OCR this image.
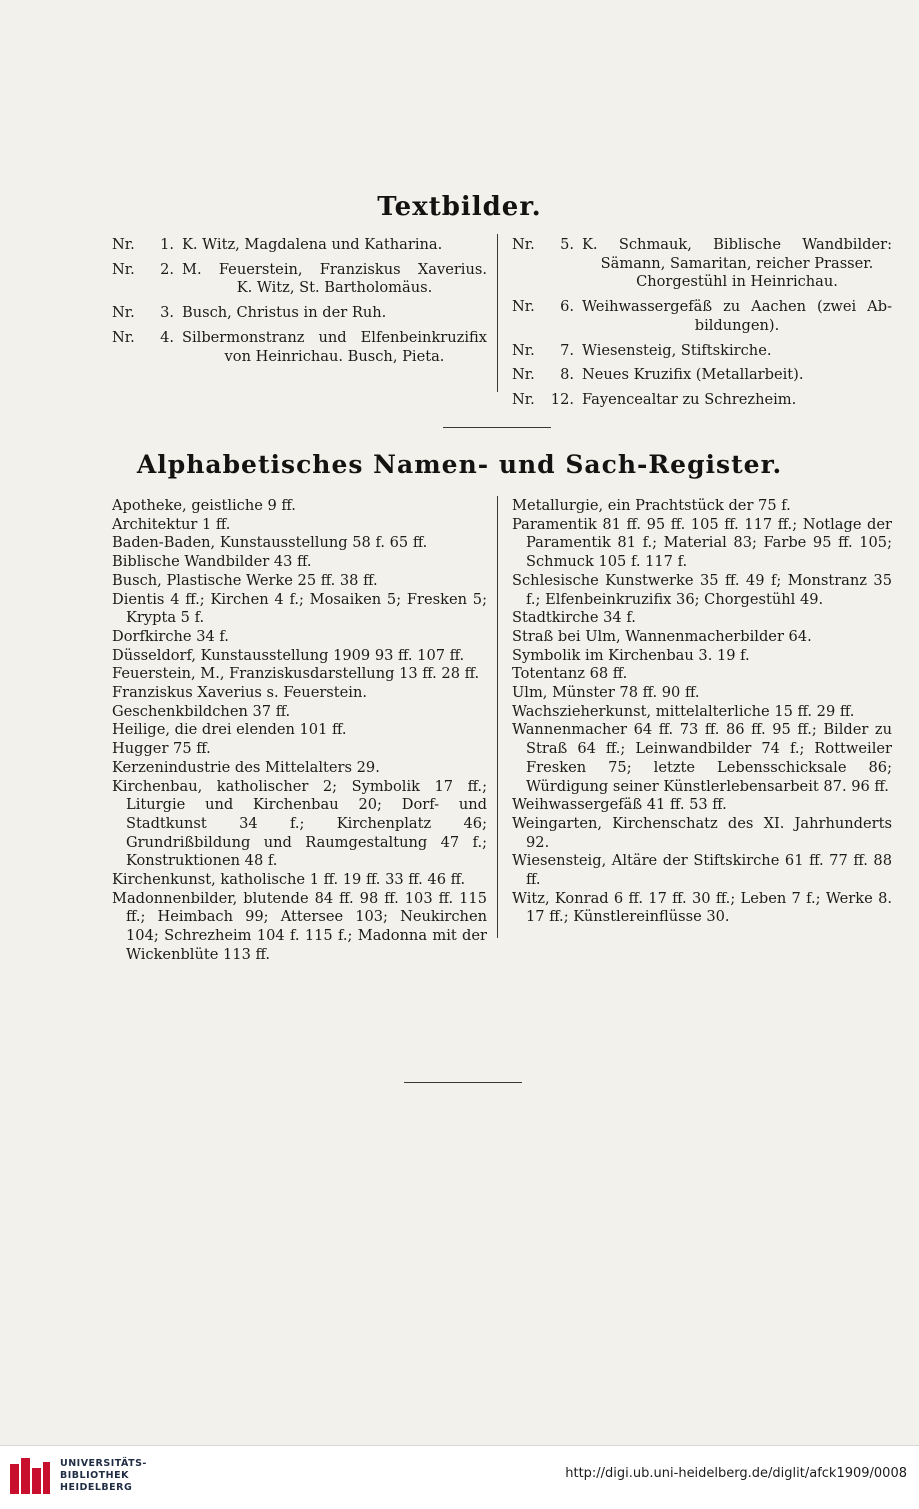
Textbilder.
Nr.	1. K. Witz, Magdalena und Katharina.
Nr.	2. M. Feuerstein, Franziskus Xaverius.
K. Witz, St. Bartholomäus.
Nr.	3. Busch, Christus in der Ruh.
Nr.	4. Silbermonstranz und Elfenbeinkruzifix
von Heinrichau. Busch, Pieta.
Nr.	5. K. Schmauk, Biblische Wandbilder:
Sämann, Samaritan, reicher Prasser. Chorgestühl in Heinrichau.
Nr.	6. Weihwassergefäß zu Aachen (zwei Ab-
bildungen).
Nr.	7. Wiesensteig, Stiftskirche.
Nr.	8. Neues Kruzifix (Metallarbeit).
Nr.	12. Fayencealtar zu Schrezheim.
Alphabetisches Namen- und Sach-Register.
Apotheke, geistliche 9 ff.
Architektur 1 ff.
Baden-Baden, Kunstausstellung 58 f. 65 ff.
Biblische Wandbilder 43 ff.
Busch, Plastische Werke 25 ff. 38 ff.
Dientis 4 ff.; Kirchen 4 f.; Mosaiken 5; Fresken 5; Krypta 5 f.
Dorfkirche 34 f.
Düsseldorf, Kunstausstellung 1909 93 ff. 107 ff.
Feuerstein, M., Franziskusdarstellung 13 ff. 28 ff.
Franziskus Xaverius s. Feuerstein.
Geschenkbildchen 37 ff.
Heilige, die drei elenden 101 ff.
Hugger 75 ff.
Kerzenindustrie des Mittelalters 29.
Kirchenbau, katholischer 2; Symbolik 17 ff.; Liturgie und Kirchenbau 20; Dorf- und Stadtkunst 34 f.; Kirchenplatz 46; Grundrißbildung und Raumgestaltung 47 f.; Konstruktionen 48 f.
Kirchenkunst, katholische 1 ff. 19 ff. 33 ff. 46 ff.
Madonnenbilder, blutende 84 ff. 98 ff. 103 ff. 115 ff.; Heimbach 99; Attersee 103; Neukirchen 104; Schrezheim 104 f. 115 f.; Madonna mit der Wickenblüte 113 ff.
Metallurgie, ein Prachtstück der 75 f.
Paramentik 81 ff. 95 ff. 105 ff. 117 ff.; Notlage der Paramentik 81 f.; Material 83; Farbe 95 ff. 105; Schmuck 105 f. 117 f.
Schlesische Kunstwerke 35 ff. 49 f; Monstranz 35 f.; Elfenbeinkruzifix 36; Chorgestühl 49.
Stadtkirche 34 f.
Straß bei Ulm, Wannenmacherbilder 64.
Symbolik im Kirchenbau 3. 19 f.
Totentanz 68 ff.
Ulm, Münster 78 ff. 90 ff.
Wachszieherkunst, mittelalterliche 15 ff. 29 ff.
Wannenmacher 64 ff. 73 ff. 86 ff. 95 ff.; Bilder zu Straß 64 ff.; Leinwandbilder 74 f.; Rottweiler Fresken 75; letzte Lebensschicksale 86; Würdigung seiner Künstlerlebensarbeit 87. 96 ff.
Weihwassergefäß 41 ff. 53 ff.
Weingarten, Kirchenschatz des XI. Jahrhunderts 92.
Wiesensteig, Altäre der Stiftskirche 61 ff. 77 ff. 88 ff.
Witz, Konrad 6 ff. 17 ff. 30 ff.; Leben 7 f.; Werke 8. 17 ff.; Künstlereinflüsse 30.
UNIVERSITÄTS-
BIBLIOTHEK
HEIDELBERG
http://digi.ub.uni-heidelberg.de/diglit/afck1909/0008
